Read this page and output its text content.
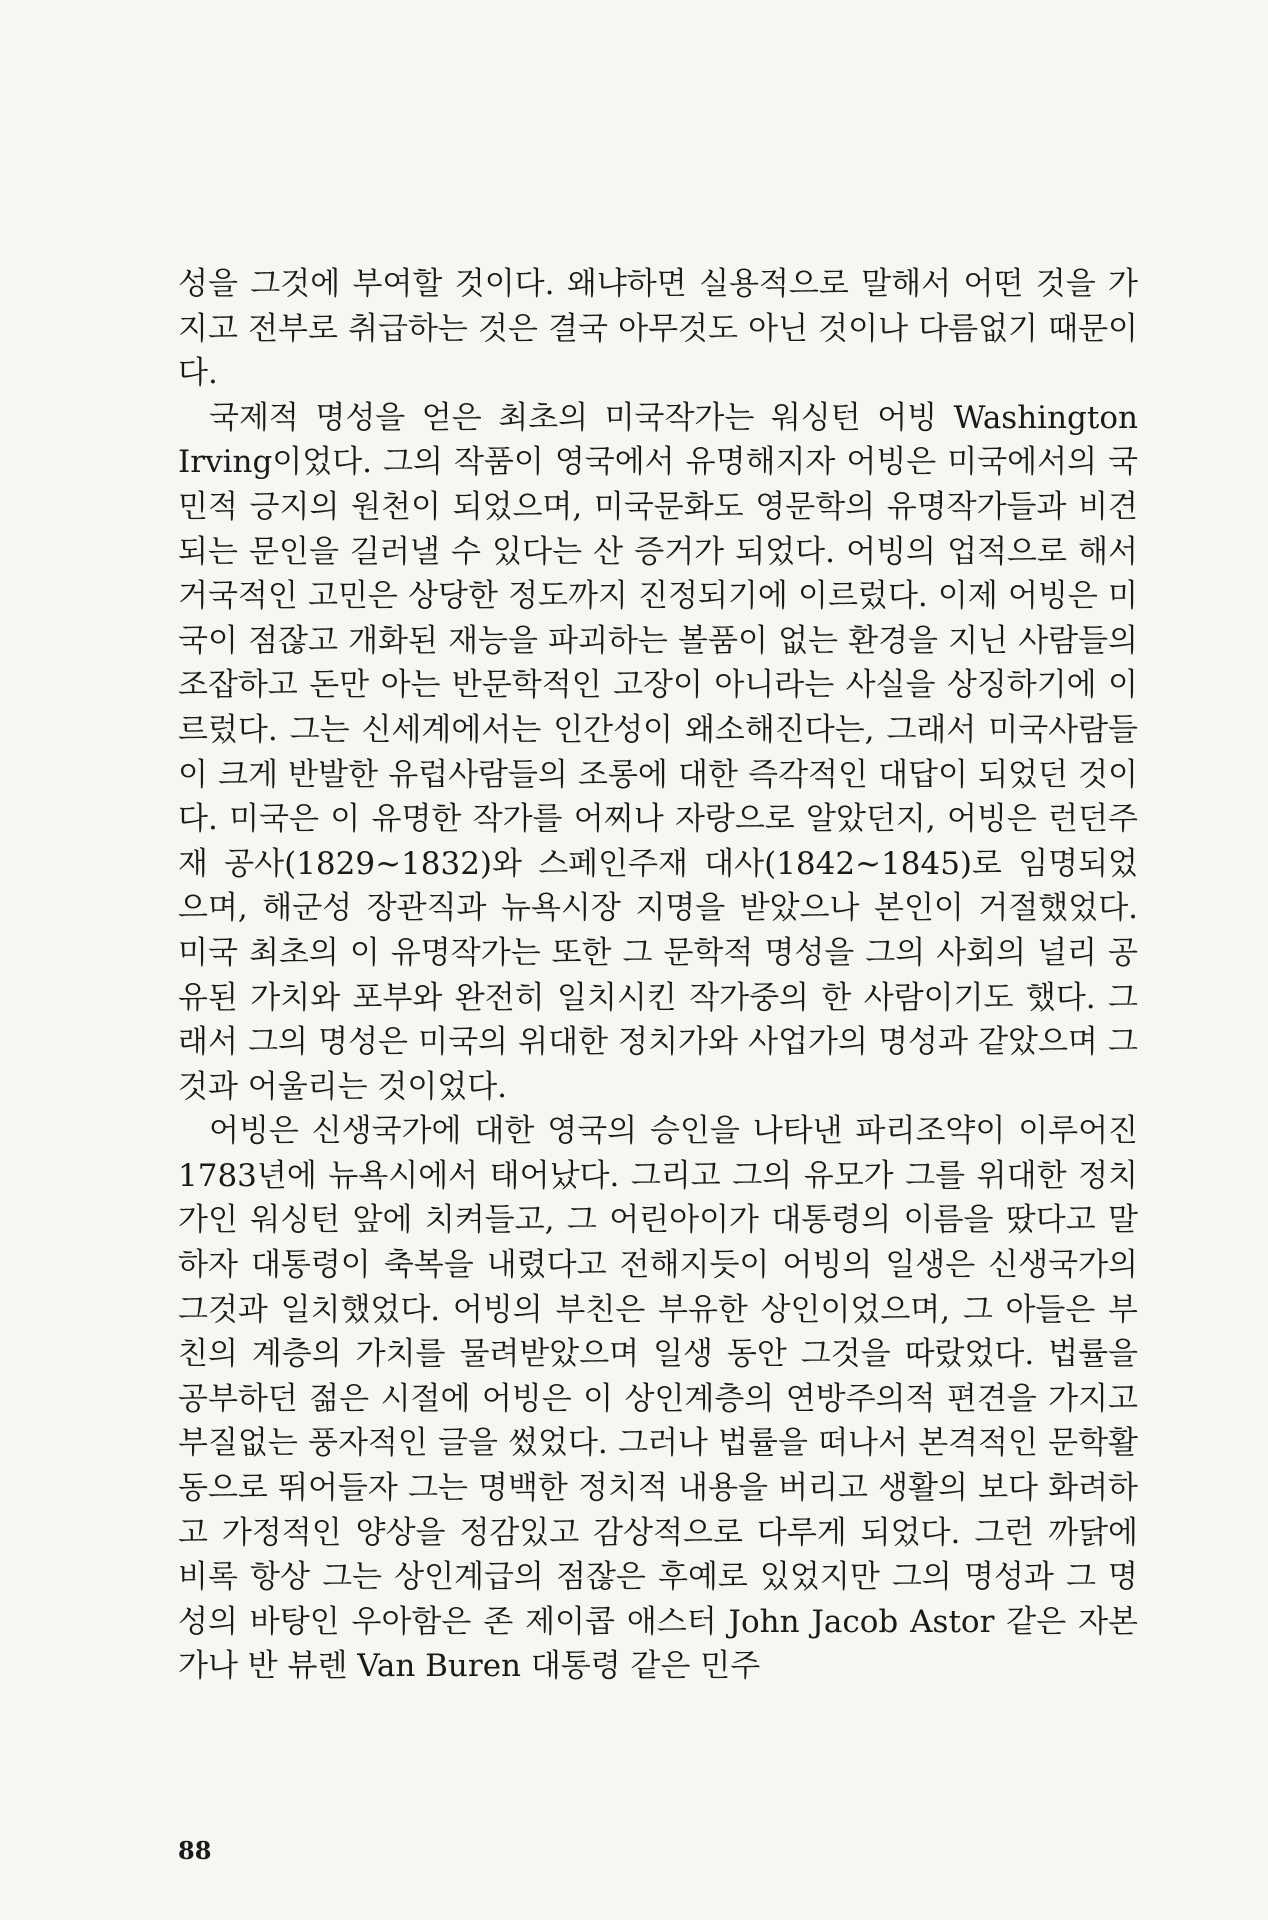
성을 그것에 부여할 것이다. 왜냐하면 실용적으로 말해서 어떤 것을 가지고 전부로 취급하는 것은 결국 아무것도 아닌 것이나 다름없기 때문이다.

국제적 명성을 얻은 최초의 미국작가는 워싱턴 어빙 Washington Irving이었다. 그의 작품이 영국에서 유명해지자 어빙은 미국에서의 국민적 긍지의 원천이 되었으며, 미국문화도 영문학의 유명작가들과 비견되는 문인을 길러낼 수 있다는 산 증거가 되었다. 어빙의 업적으로 해서 거국적인 고민은 상당한 정도까지 진정되기에 이르렀다. 이제 어빙은 미국이 점잖고 개화된 재능을 파괴하는 볼품이 없는 환경을 지닌 사람들의 조잡하고 돈만 아는 반문학적인 고장이 아니라는 사실을 상징하기에 이르렀다. 그는 신세계에서는 인간성이 왜소해진다는, 그래서 미국사람들이 크게 반발한 유럽사람들의 조롱에 대한 즉각적인 대답이 되었던 것이다. 미국은 이 유명한 작가를 어찌나 자랑으로 알았던지, 어빙은 런던주재 공사(1829~1832)와 스페인주재 대사(1842~1845)로 임명되었으며, 해군성 장관직과 뉴욕시장 지명을 받았으나 본인이 거절했었다. 미국 최초의 이 유명작가는 또한 그 문학적 명성을 그의 사회의 널리 공유된 가치와 포부와 완전히 일치시킨 작가중의 한 사람이기도 했다. 그래서 그의 명성은 미국의 위대한 정치가와 사업가의 명성과 같았으며 그것과 어울리는 것이었다.

어빙은 신생국가에 대한 영국의 승인을 나타낸 파리조약이 이루어진 1783년에 뉴욕시에서 태어났다. 그리고 그의 유모가 그를 위대한 정치가인 워싱턴 앞에 치켜들고, 그 어린아이가 대통령의 이름을 땄다고 말하자 대통령이 축복을 내렸다고 전해지듯이 어빙의 일생은 신생국가의 그것과 일치했었다. 어빙의 부친은 부유한 상인이었으며, 그 아들은 부친의 계층의 가치를 물려받았으며 일생 동안 그것을 따랐었다. 법률을 공부하던 젊은 시절에 어빙은 이 상인계층의 연방주의적 편견을 가지고 부질없는 풍자적인 글을 썼었다. 그러나 법률을 떠나서 본격적인 문학활동으로 뛰어들자 그는 명백한 정치적 내용을 버리고 생활의 보다 화려하고 가정적인 양상을 정감있고 감상적으로 다루게 되었다. 그런 까닭에 비록 항상 그는 상인계급의 점잖은 후예로 있었지만 그의 명성과 그 명성의 바탕인 우아함은 존 제이콥 애스터 John Jacob Astor 같은 자본가나 반 뷰렌 Van Buren 대통령 같은 민주

88
